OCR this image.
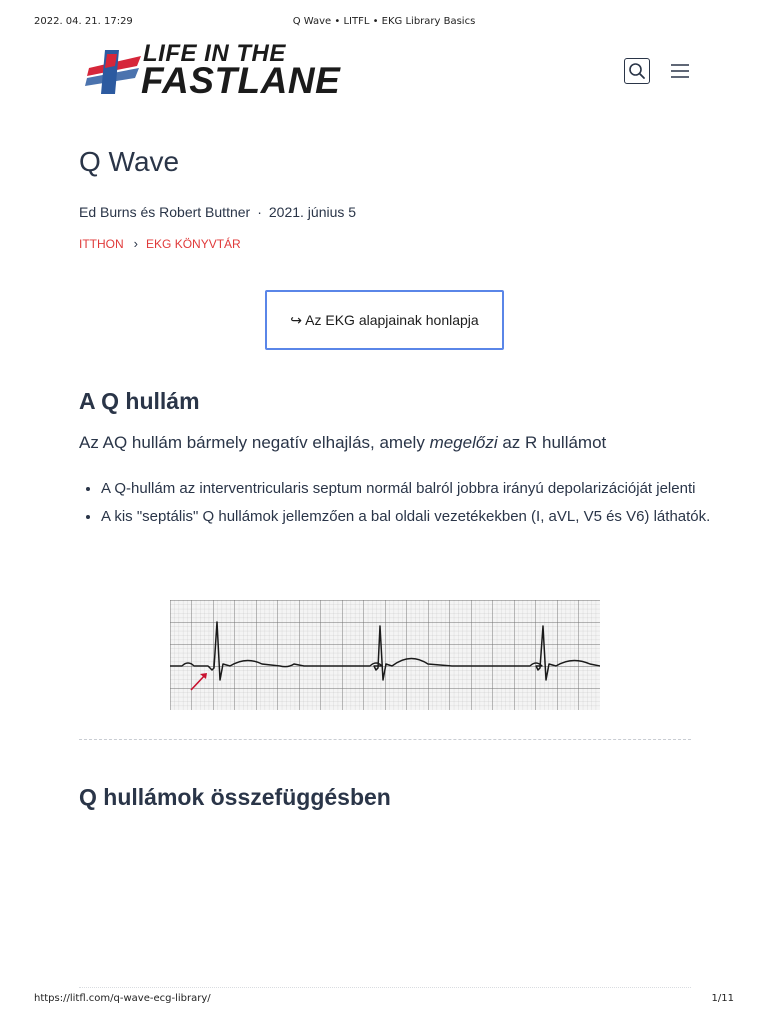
2022. 04. 21. 17:29	Q Wave • LITFL • EKG Library Basics
LIFE IN THE
FASTLANE
Q Wave
Ed Burns és Robert Buttner · 2021. június 5
ITTHON › EKG KÖNYVTÁR
↪ Az EKG alapjainak honlapja
A Q hullám

Az AQ hullám bármely negatív elhajlás, amely megelőzi az R hullámot

• A Q-hullám az interventricularis septum normál balról jobbra irányú depolarizációját jelenti
• A kis "septális" Q hullámok jellemzően a bal oldali vezetékekben (I, aVL, V5 és V6) láthatók.
Q hullámok összefüggésben
https://litfl.com/q-wave-ecg-library/	1/11
